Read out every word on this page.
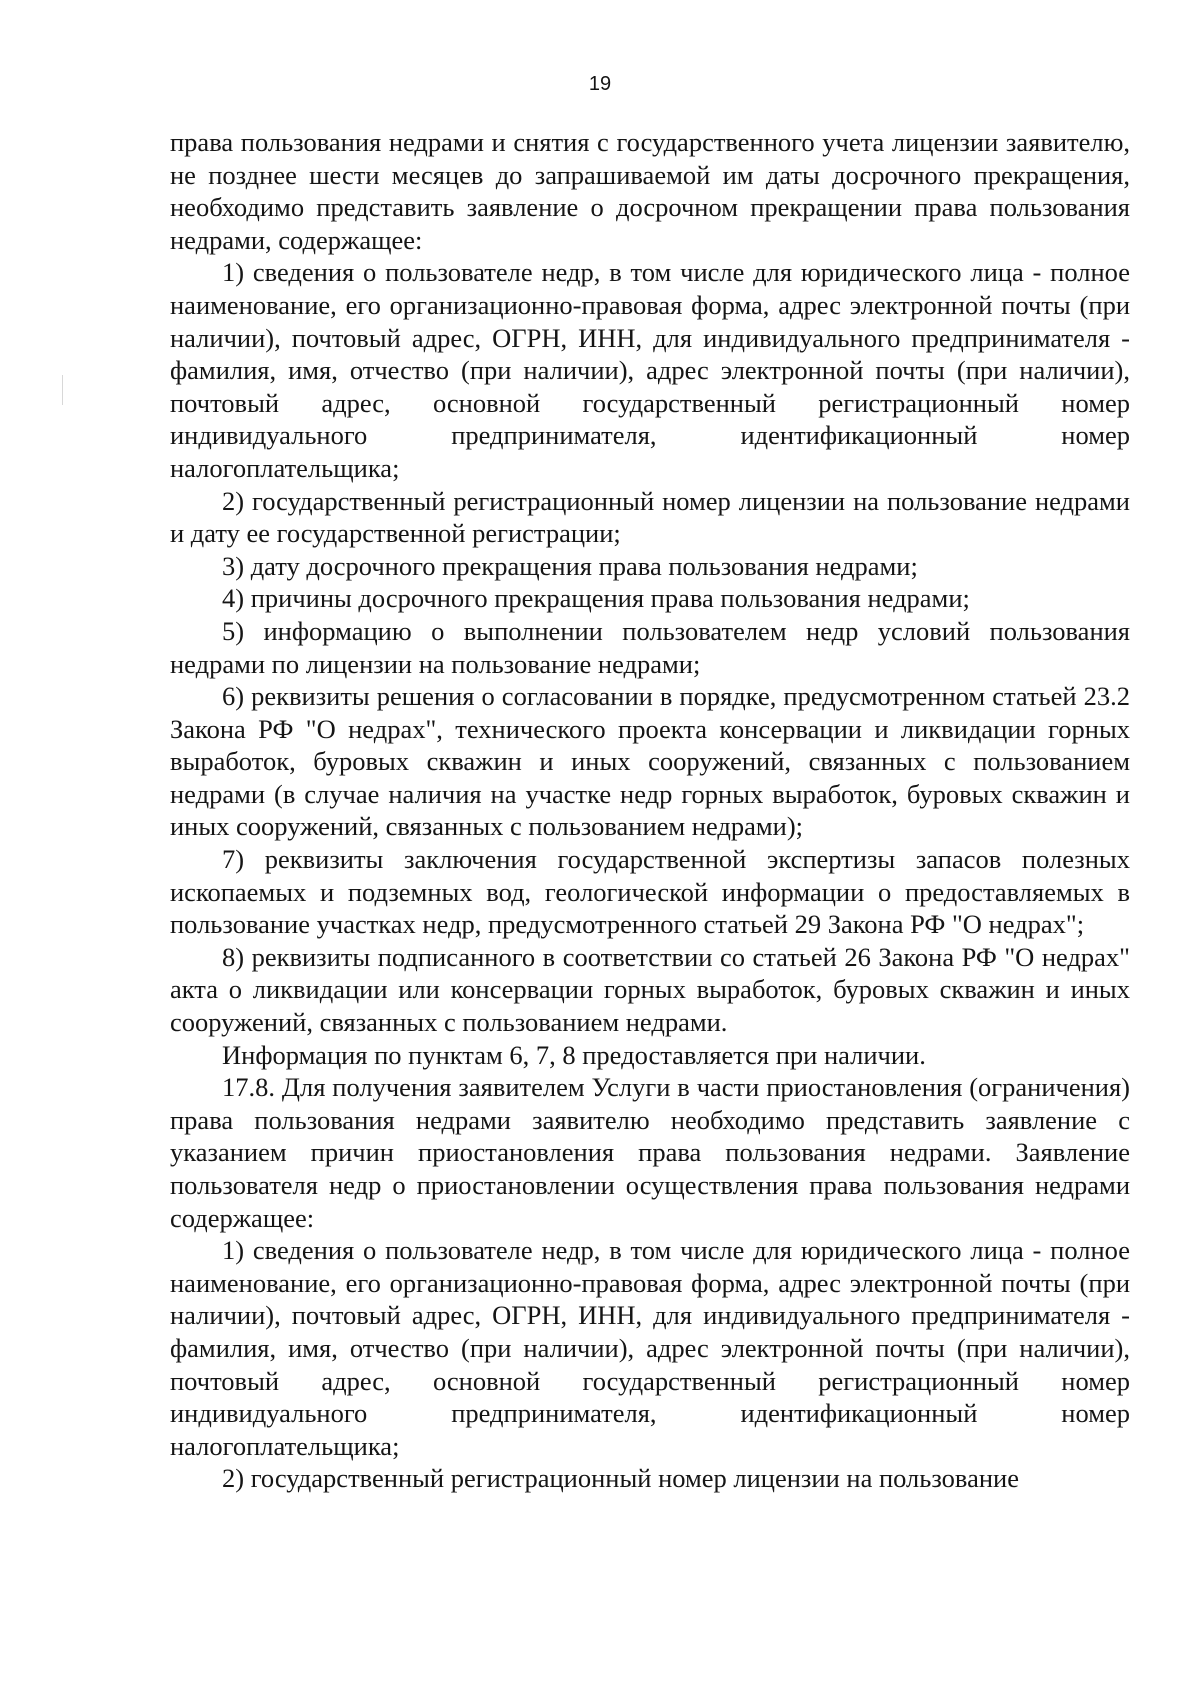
19

права пользования недрами и снятия с государственного учета лицензии заявителю, не позднее шести месяцев до запрашиваемой им даты досрочного прекращения, необходимо представить заявление о досрочном прекращении права пользования недрами, содержащее:

1) сведения о пользователе недр, в том числе для юридического лица - полное наименование, его организационно-правовая форма, адрес электронной почты (при наличии), почтовый адрес, ОГРН, ИНН, для индивидуального предпринимателя - фамилия, имя, отчество (при наличии), адрес электронной почты (при наличии), почтовый адрес, основной государственный регистрационный номер индивидуального предпринимателя, идентификационный номер налогоплательщика;

2) государственный регистрационный номер лицензии на пользование недрами и дату ее государственной регистрации;

3) дату досрочного прекращения права пользования недрами;

4) причины досрочного прекращения права пользования недрами;

5) информацию о выполнении пользователем недр условий пользования недрами по лицензии на пользование недрами;

6) реквизиты решения о согласовании в порядке, предусмотренном статьей 23.2 Закона РФ "О недрах", технического проекта консервации и ликвидации горных выработок, буровых скважин и иных сооружений, связанных с пользованием недрами (в случае наличия на участке недр горных выработок, буровых скважин и иных сооружений, связанных с пользованием недрами);

7) реквизиты заключения государственной экспертизы запасов полезных ископаемых и подземных вод, геологической информации о предоставляемых в пользование участках недр, предусмотренного статьей 29 Закона РФ "О недрах";

8) реквизиты подписанного в соответствии со статьей 26 Закона РФ "О недрах" акта о ликвидации или консервации горных выработок, буровых скважин и иных сооружений, связанных с пользованием недрами.

Информация по пунктам 6, 7, 8 предоставляется при наличии.

17.8. Для получения заявителем Услуги в части приостановления (ограничения) права пользования недрами заявителю необходимо представить заявление с указанием причин приостановления права пользования недрами. Заявление пользователя недр о приостановлении осуществления права пользования недрами содержащее:

1) сведения о пользователе недр, в том числе для юридического лица - полное наименование, его организационно-правовая форма, адрес электронной почты (при наличии), почтовый адрес, ОГРН, ИНН, для индивидуального предпринимателя - фамилия, имя, отчество (при наличии), адрес электронной почты (при наличии), почтовый адрес, основной государственный регистрационный номер индивидуального предпринимателя, идентификационный номер налогоплательщика;

2) государственный регистрационный номер лицензии на пользование
